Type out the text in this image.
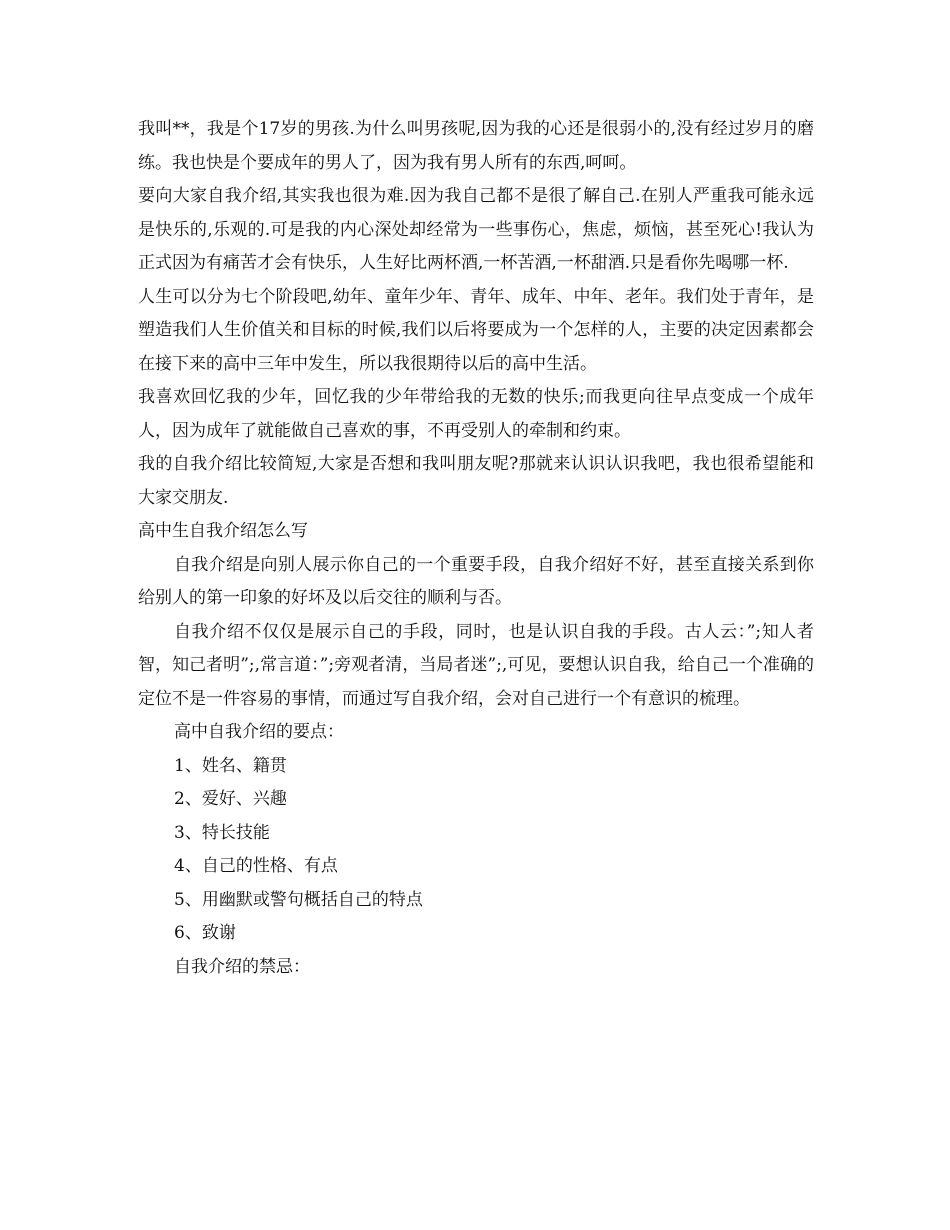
我叫**，我是个17岁的男孩.为什么叫男孩呢,因为我的心还是很弱小的,没有经过岁月的磨练。我也快是个要成年的男人了，因为我有男人所有的东西,呵呵。

要向大家自我介绍,其实我也很为难.因为我自己都不是很了解自己.在别人严重我可能永远是快乐的,乐观的.可是我的内心深处却经常为一些事伤心，焦虑，烦恼，甚至死心!我认为正式因为有痛苦才会有快乐，人生好比两杯酒,一杯苦酒,一杯甜酒.只是看你先喝哪一杯.

人生可以分为七个阶段吧,幼年、童年少年、青年、成年、中年、老年。我们处于青年，是塑造我们人生价值关和目标的时候,我们以后将要成为一个怎样的人，主要的决定因素都会在接下来的高中三年中发生，所以我很期待以后的高中生活。

我喜欢回忆我的少年，回忆我的少年带给我的无数的快乐;而我更向往早点变成一个成年人，因为成年了就能做自己喜欢的事，不再受别人的牵制和约束。

我的自我介绍比较简短,大家是否想和我叫朋友呢?那就来认识认识我吧，我也很希望能和大家交朋友.

高中生自我介绍怎么写

自我介绍是向别人展示你自己的一个重要手段，自我介绍好不好，甚至直接关系到你给别人的第一印象的好坏及以后交往的顺利与否。

自我介绍不仅仅是展示自己的手段，同时，也是认识自我的手段。古人云：”;知人者智，知己者明”;,常言道：”;旁观者清，当局者迷”;,可见，要想认识自我，给自己一个准确的定位不是一件容易的事情，而通过写自我介绍，会对自己进行一个有意识的梳理。

高中自我介绍的要点：

1、姓名、籍贯
2、爱好、兴趣
3、特长技能
4、自己的性格、有点
5、用幽默或警句概括自己的特点
6、致谢

自我介绍的禁忌：
